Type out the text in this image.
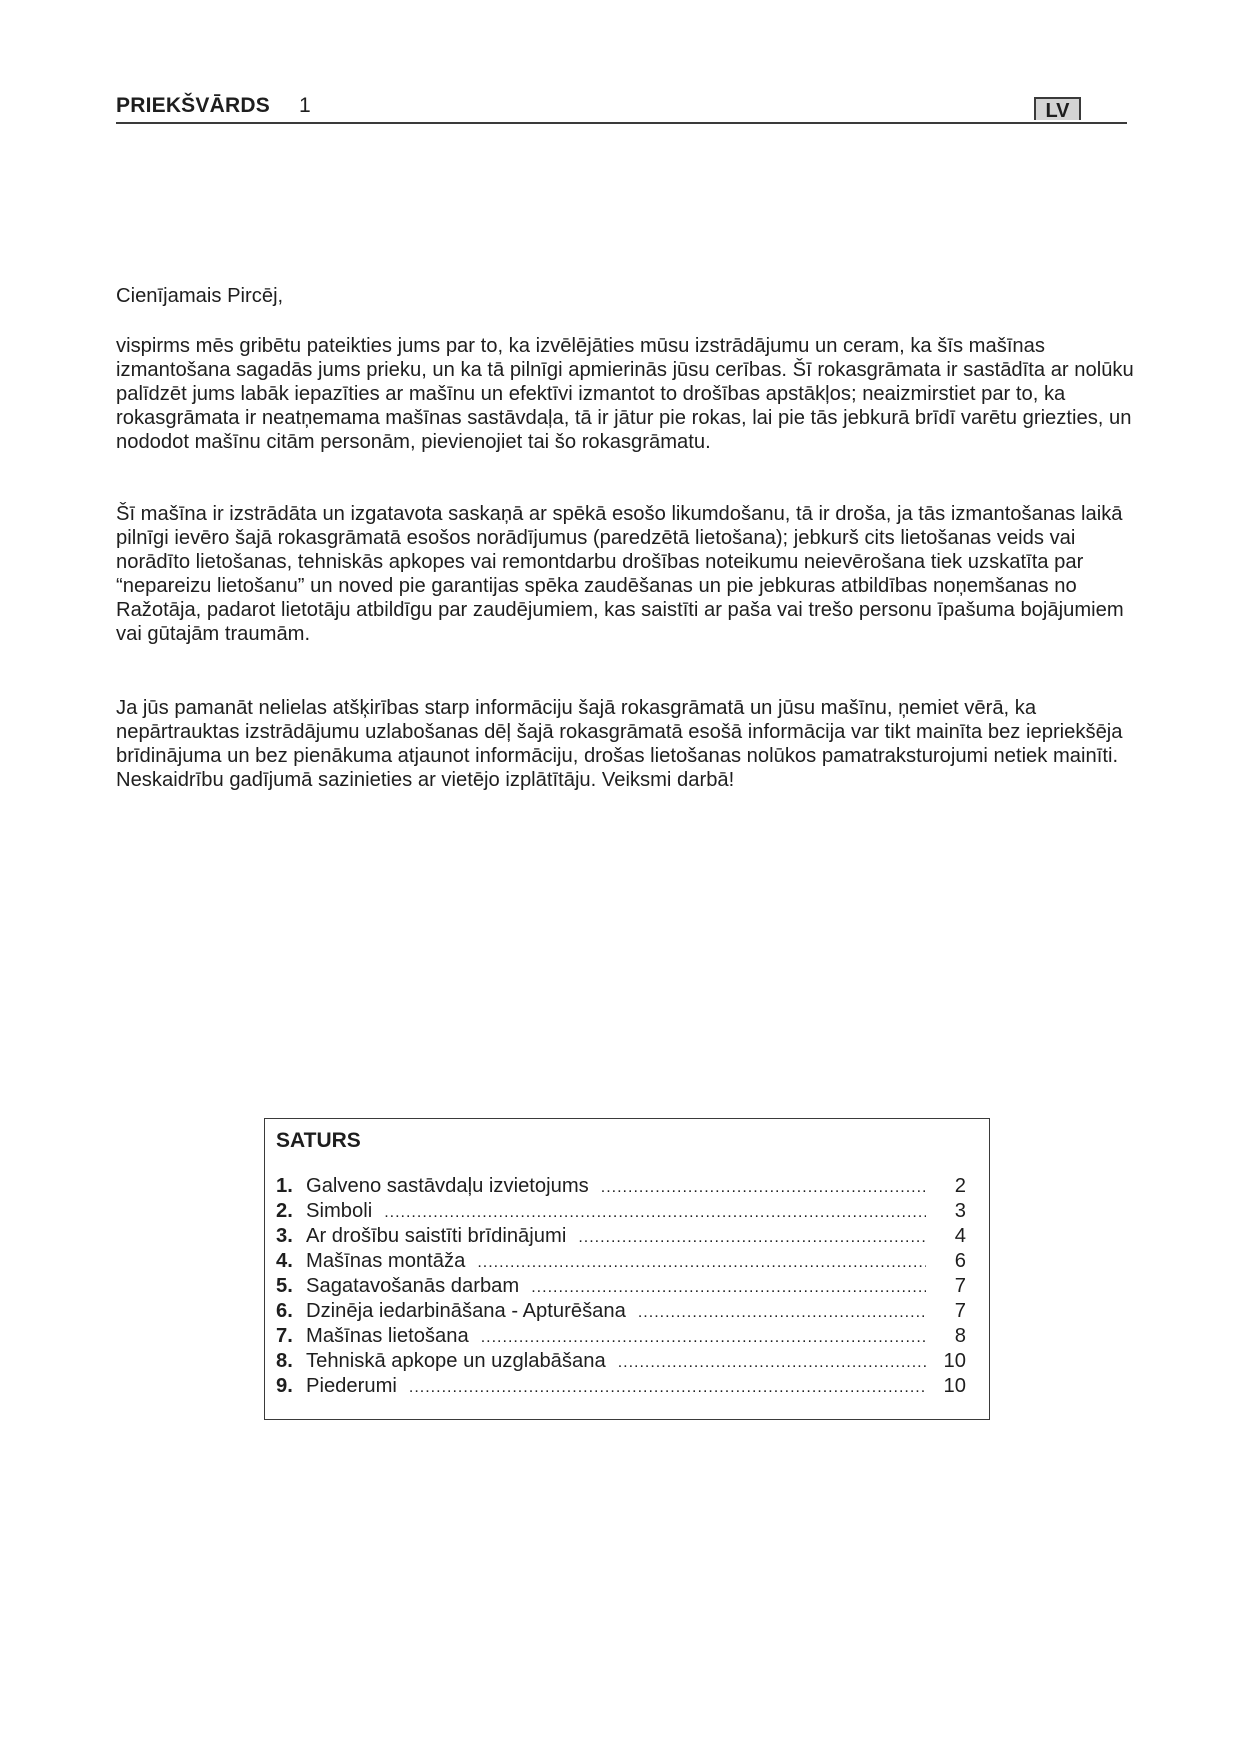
PRIEKŠVĀRDS 1	LV

Cienījamais Pircēj,

vispirms mēs gribētu pateikties jums par to, ka izvēlējāties mūsu izstrādājumu un ceram, ka šīs mašīnas izmantošana sagadās jums prieku, un ka tā pilnīgi apmierinās jūsu cerības. Šī rokasgrāmata ir sastādīta ar nolūku palīdzēt jums labāk iepazīties ar mašīnu un efektīvi izmantot to drošības apstākļos; neaizmirstiet par to, ka rokasgrāmata ir neatņemama mašīnas sastāvdaļa, tā ir jātur pie rokas, lai pie tās jebkurā brīdī varētu griezties, un nododot mašīnu citām personām, pievienojiet tai šo rokasgrāmatu.

Šī mašīna ir izstrādāta un izgatavota saskaņā ar spēkā esošo likumdošanu, tā ir droša, ja tās izmantošanas laikā pilnīgi ievēro šajā rokasgrāmatā esošos norādījumus (paredzētā lietošana); jebkurš cits lietošanas veids vai norādīto lietošanas, tehniskās apkopes vai remontdarbu drošības noteikumu neievērošana tiek uzskatīta par “nepareizu lietošanu” un noved pie garantijas spēka zaudēšanas un pie jebkuras atbildības noņemšanas no Ražotāja, padarot lietotāju atbildīgu par zaudējumiem, kas saistīti ar paša vai trešo personu īpašuma bojājumiem vai gūtajām traumām.

Ja jūs pamanāt nelielas atšķirības starp informāciju šajā rokasgrāmatā un jūsu mašīnu, ņemiet vērā, ka nepārtrauktas izstrādājumu uzlabošanas dēļ šajā rokasgrāmatā esošā informācija var tikt mainīta bez iepriekšēja brīdinājuma un bez pienākuma atjaunot informāciju, drošas lietošanas nolūkos pamatraksturojumi netiek mainīti. Neskaidrību gadījumā sazinieties ar vietējo izplātītāju. Veiksmi darbā!

SATURS
1. Galveno sastāvdaļu izvietojums .....	2
2. Simboli .....	3
3. Ar drošību saistīti brīdinājumi .....	4
4. Mašīnas montāža .....	6
5. Sagatavošanās darbam .....	7
6. Dzinēja iedarbināšana - Apturēšana .....	7
7. Mašīnas lietošana .....	8
8. Tehniskā apkope un uzglabāšana .....	10
9. Piederumi .....	10
